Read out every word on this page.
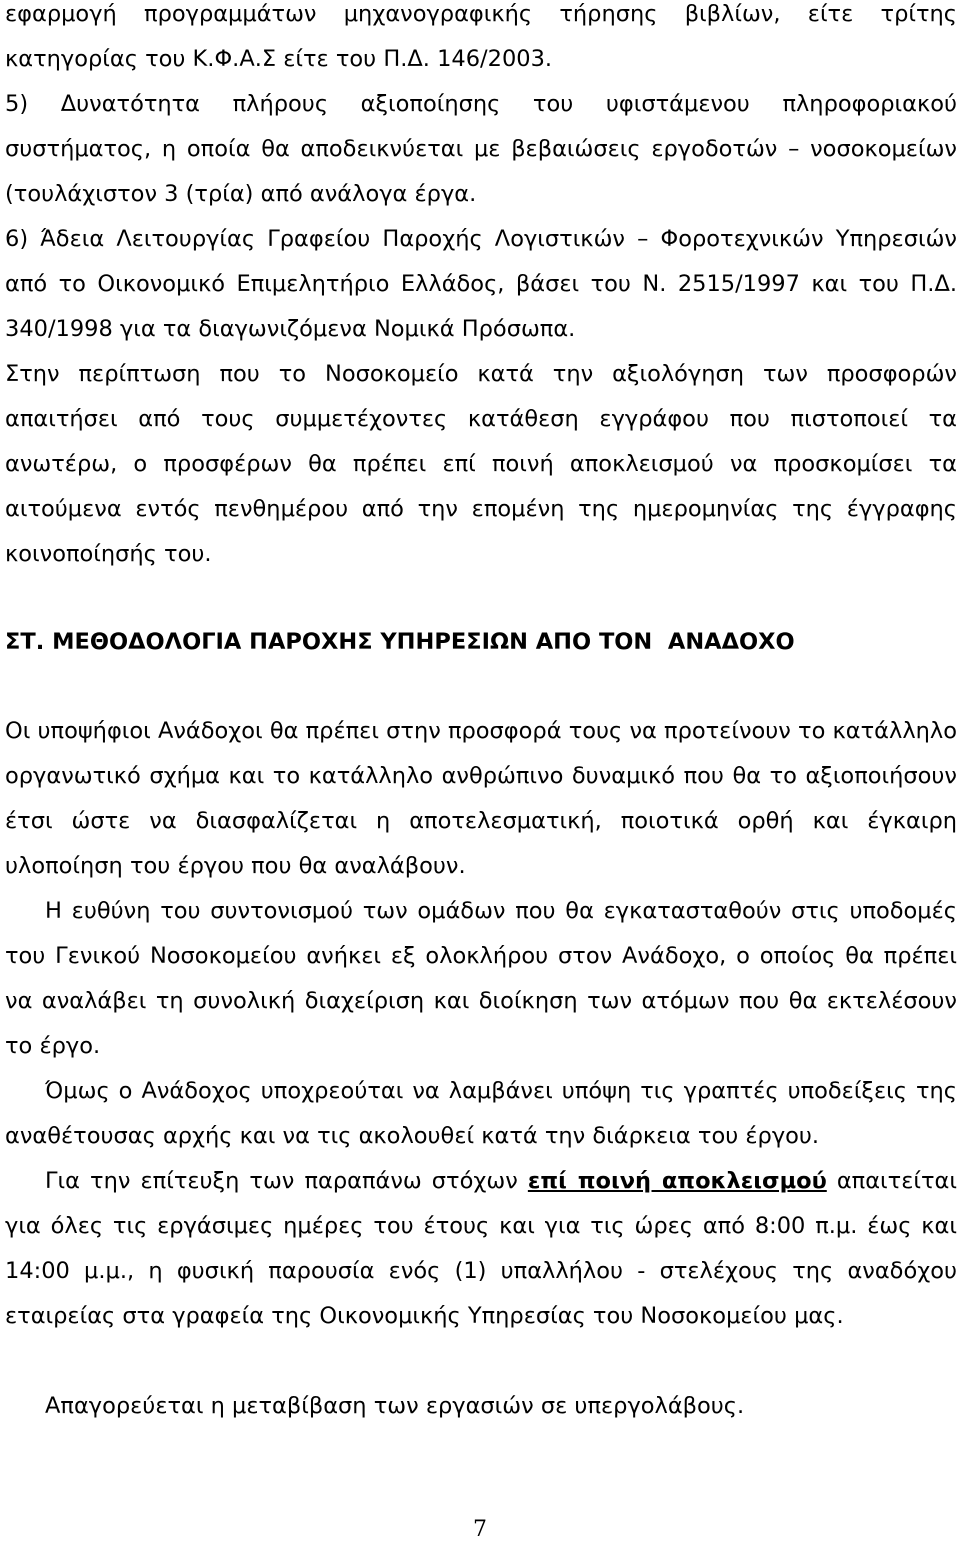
εφαρμογή προγραμμάτων μηχανογραφικής τήρησης βιβλίων, είτε τρίτης κατηγορίας του Κ.Φ.Α.Σ είτε του Π.Δ. 146/2003.

5) Δυνατότητα πλήρους αξιοποίησης του υφιστάμενου πληροφοριακού συστήματος, η οποία θα αποδεικνύεται με βεβαιώσεις εργοδοτών – νοσοκομείων (τουλάχιστον 3 (τρία) από ανάλογα έργα.

6) Άδεια Λειτουργίας Γραφείου Παροχής Λογιστικών – Φοροτεχνικών Υπηρεσιών από το Οικονομικό Επιμελητήριο Ελλάδος, βάσει του Ν. 2515/1997 και του Π.Δ. 340/1998 για τα διαγωνιζόμενα Νομικά Πρόσωπα.

Στην περίπτωση που το Νοσοκομείο κατά την αξιολόγηση των προσφορών απαιτήσει από τους συμμετέχοντες κατάθεση εγγράφου που πιστοποιεί τα ανωτέρω, ο προσφέρων θα πρέπει επί ποινή αποκλεισμού να προσκομίσει τα αιτούμενα εντός πενθημέρου από την επομένη της ημερομηνίας της έγγραφης κοινοποίησής του.

ΣΤ. ΜΕΘΟΔΟΛΟΓΙΑ ΠΑΡΟΧΗΣ ΥΠΗΡΕΣΙΩΝ ΑΠΟ ΤΟΝ  ΑΝΑΔΟΧΟ

Οι υποψήφιοι Ανάδοχοι θα πρέπει στην προσφορά τους να προτείνουν το κατάλληλο οργανωτικό σχήμα και το κατάλληλο ανθρώπινο δυναμικό που θα το αξιοποιήσουν έτσι ώστε να διασφαλίζεται η αποτελεσματική, ποιοτικά ορθή και έγκαιρη υλοποίηση του έργου που θα αναλάβουν.

Η ευθύνη του συντονισμού των ομάδων που θα εγκατασταθούν στις υποδομές του Γενικού Νοσοκομείου ανήκει εξ ολοκλήρου στον Ανάδοχο, ο οποίος θα πρέπει να αναλάβει τη συνολική διαχείριση και διοίκηση των ατόμων που θα εκτελέσουν το έργο.

Όμως ο Ανάδοχος υποχρεούται να λαμβάνει υπόψη τις γραπτές υποδείξεις της αναθέτουσας αρχής και να τις ακολουθεί κατά την διάρκεια του έργου.

Για την επίτευξη των παραπάνω στόχων επί ποινή αποκλεισμού απαιτείται για όλες τις εργάσιμες ημέρες του έτους και για τις ώρες από 8:00 π.μ. έως και 14:00 μ.μ., η φυσική παρουσία ενός (1) υπαλλήλου - στελέχους της αναδόχου εταιρείας στα γραφεία της Οικονομικής Υπηρεσίας του Νοσοκομείου μας.

Απαγορεύεται η μεταβίβαση των εργασιών σε υπεργολάβους.

7
